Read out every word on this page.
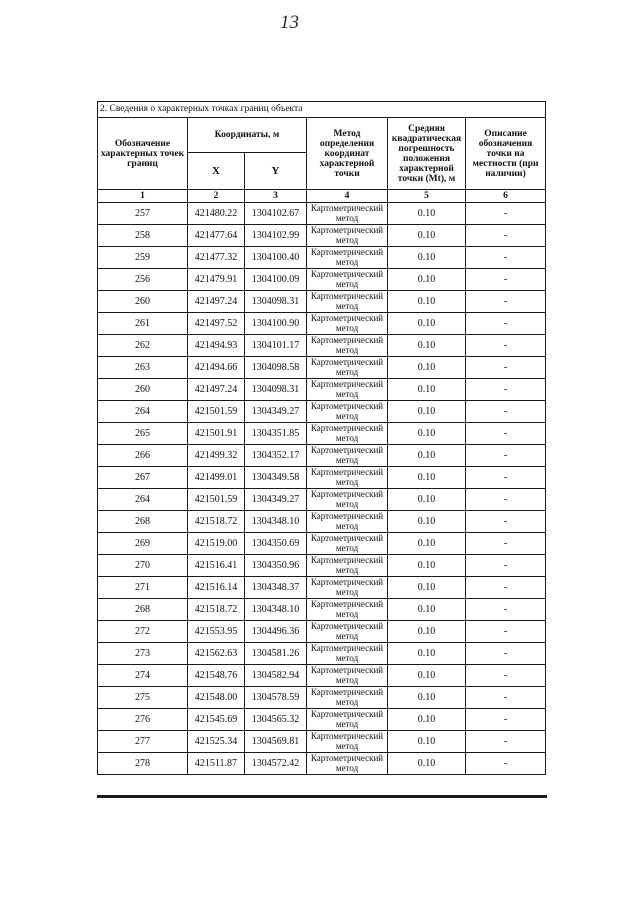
13
2. Сведения о характерных точках границ объекта					
Обозначение характерных точек границ	Координаты, м		Метод определения координат характерной точки	Средняя квадратическая погрешность положения характерной точки (Mt), м	Описание обозначения точки на местности (при наличии)
	X	Y			
1	2	3	4	5	6
257	421480.22	1304102.67	Картометрический метод	0.10	-
258	421477.64	1304102.99	Картометрический метод	0.10	-
259	421477.32	1304100.40	Картометрический метод	0.10	-
256	421479.91	1304100.09	Картометрический метод	0.10	-
260	421497.24	1304098.31	Картометрический метод	0.10	-
261	421497.52	1304100.90	Картометрический метод	0.10	-
262	421494.93	1304101.17	Картометрический метод	0.10	-
263	421494.66	1304098.58	Картометрический метод	0.10	-
260	421497.24	1304098.31	Картометрический метод	0.10	-
264	421501.59	1304349.27	Картометрический метод	0.10	-
265	421501.91	1304351.85	Картометрический метод	0.10	-
266	421499.32	1304352.17	Картометрический метод	0.10	-
267	421499.01	1304349.58	Картометрический метод	0.10	-
264	421501.59	1304349.27	Картометрический метод	0.10	-
268	421518.72	1304348.10	Картометрический метод	0.10	-
269	421519.00	1304350.69	Картометрический метод	0.10	-
270	421516.41	1304350.96	Картометрический метод	0.10	-
271	421516.14	1304348.37	Картометрический метод	0.10	-
268	421518.72	1304348.10	Картометрический метод	0.10	-
272	421553.95	1304496.36	Картометрический метод	0.10	-
273	421562.63	1304581.26	Картометрический метод	0.10	-
274	421548.76	1304582.94	Картометрический метод	0.10	-
275	421548.00	1304578.59	Картометрический метод	0.10	-
276	421545.69	1304565.32	Картометрический метод	0.10	-
277	421525.34	1304569.81	Картометрический метод	0.10	-
278	421511.87	1304572.42	Картометрический метод	0.10	-
